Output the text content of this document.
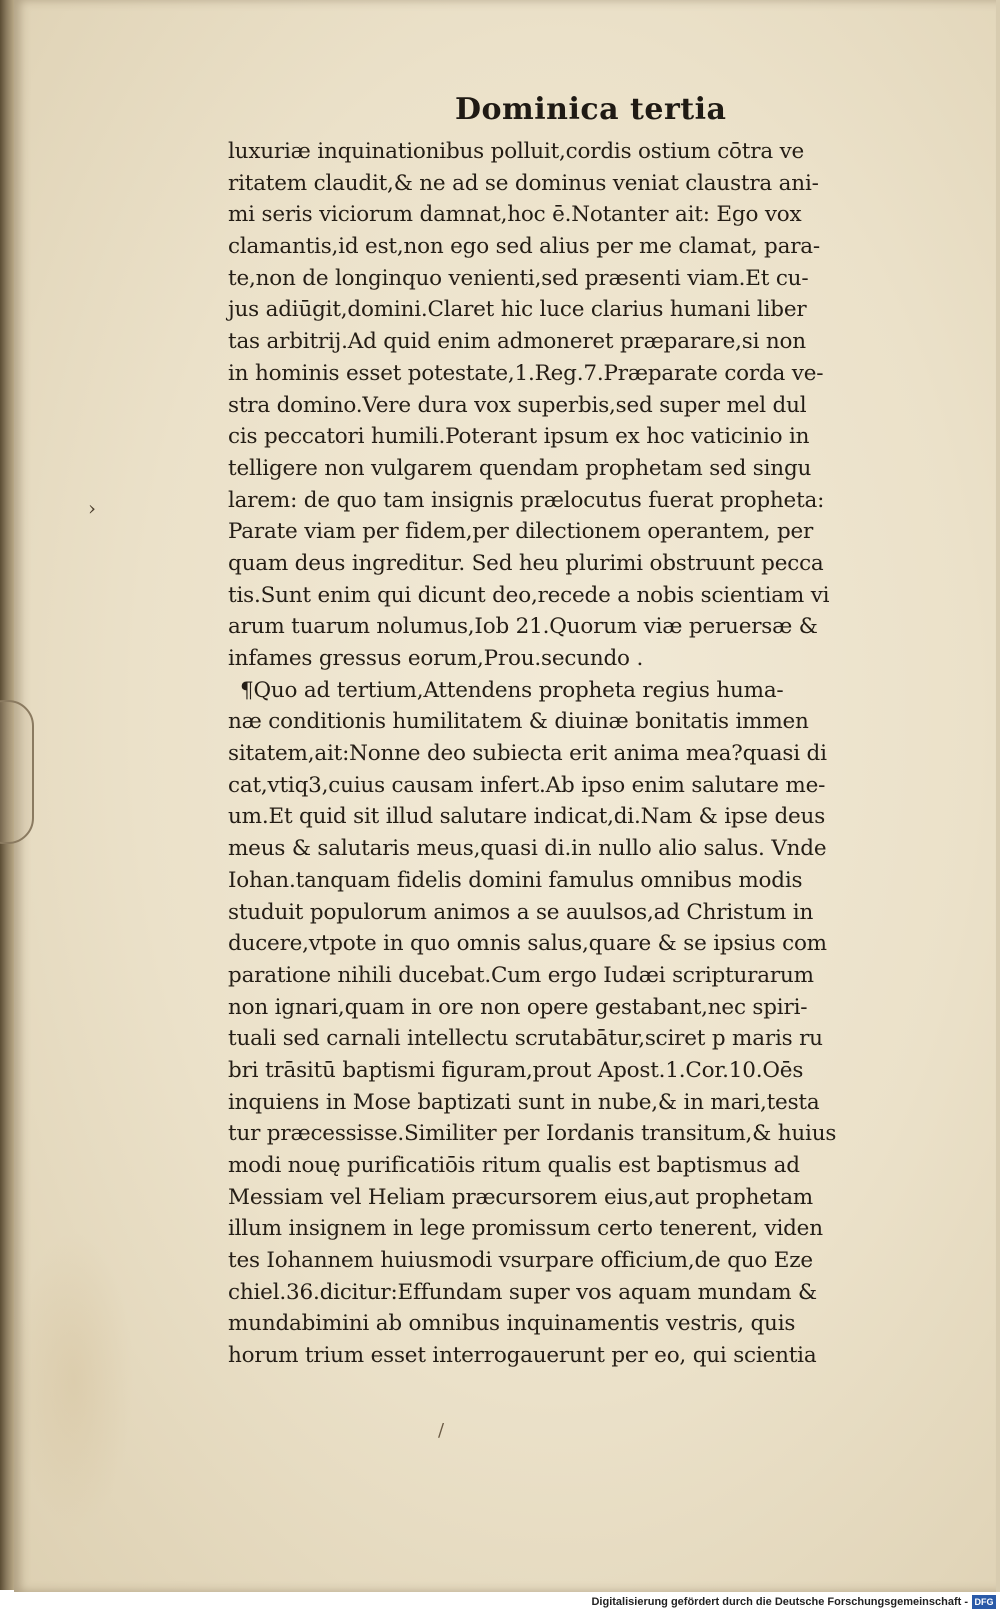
Dominica tertia
›
luxuriæ inquinationibus polluit,cordis ostium cōtra ve
ritatem claudit,& ne ad se dominus veniat claustra ani-
mi seris viciorum damnat,hoc ē.Notanter ait: Ego vox
clamantis,id est,non ego sed alius per me clamat, para-
te,non de longinquo venienti,sed præsenti viam.Et cu-
jus adiūgit,domini.Claret hic luce clarius humani liber
tas arbitrij.Ad quid enim admoneret præparare,si non
in hominis esset potestate,1.Reg.7.Præparate corda ve-
stra domino.Vere dura vox superbis,sed super mel dul
cis peccatori humili.Poterant ipsum ex hoc vaticinio in
telligere non vulgarem quendam prophetam sed singu
larem: de quo tam insignis prælocutus fuerat propheta:
Parate viam per fidem,per dilectionem operantem, per
quam deus ingreditur. Sed heu plurimi obstruunt pecca
tis.Sunt enim qui dicunt deo,recede a nobis scientiam vi
arum tuarum nolumus,Iob 21.Quorum viæ peruersæ &
infames gressus eorum,Prou.secundo .
¶Quo ad tertium,Attendens propheta regius huma-
næ conditionis humilitatem & diuinæ bonitatis immen
sitatem,ait:Nonne deo subiecta erit anima mea?quasi di
cat,vtiq3,cuius causam infert.Ab ipso enim salutare me-
um.Et quid sit illud salutare indicat,di.Nam & ipse deus
meus & salutaris meus,quasi di.in nullo alio salus. Vnde
Iohan.tanquam fidelis domini famulus omnibus modis
studuit populorum animos a se auulsos,ad Christum in
ducere,vtpote in quo omnis salus,quare & se ipsius com
paratione nihili ducebat.Cum ergo Iudæi scripturarum
non ignari,quam in ore non opere gestabant,nec spiri-
tuali sed carnali intellectu scrutabātur,sciret p maris ru
bri trāsitū baptismi figuram,prout Apost.1.Cor.10.Oēs
inquiens in Mose baptizati sunt in nube,& in mari,testa
tur præcessisse.Similiter per Iordanis transitum,& huius
modi nouę purificatiōis ritum qualis est baptismus ad
Messiam vel Heliam præcursorem eius,aut prophetam
illum insignem in lege promissum certo tenerent, viden
tes Iohannem huiusmodi vsurpare officium,de quo Eze
chiel.36.dicitur:Effundam super vos aquam mundam &
mundabimini ab omnibus inquinamentis vestris, quis
horum trium esset interrogauerunt per eo, qui scientia
/
Digitalisierung gefördert durch die Deutsche Forschungsgemeinschaft - DFG
